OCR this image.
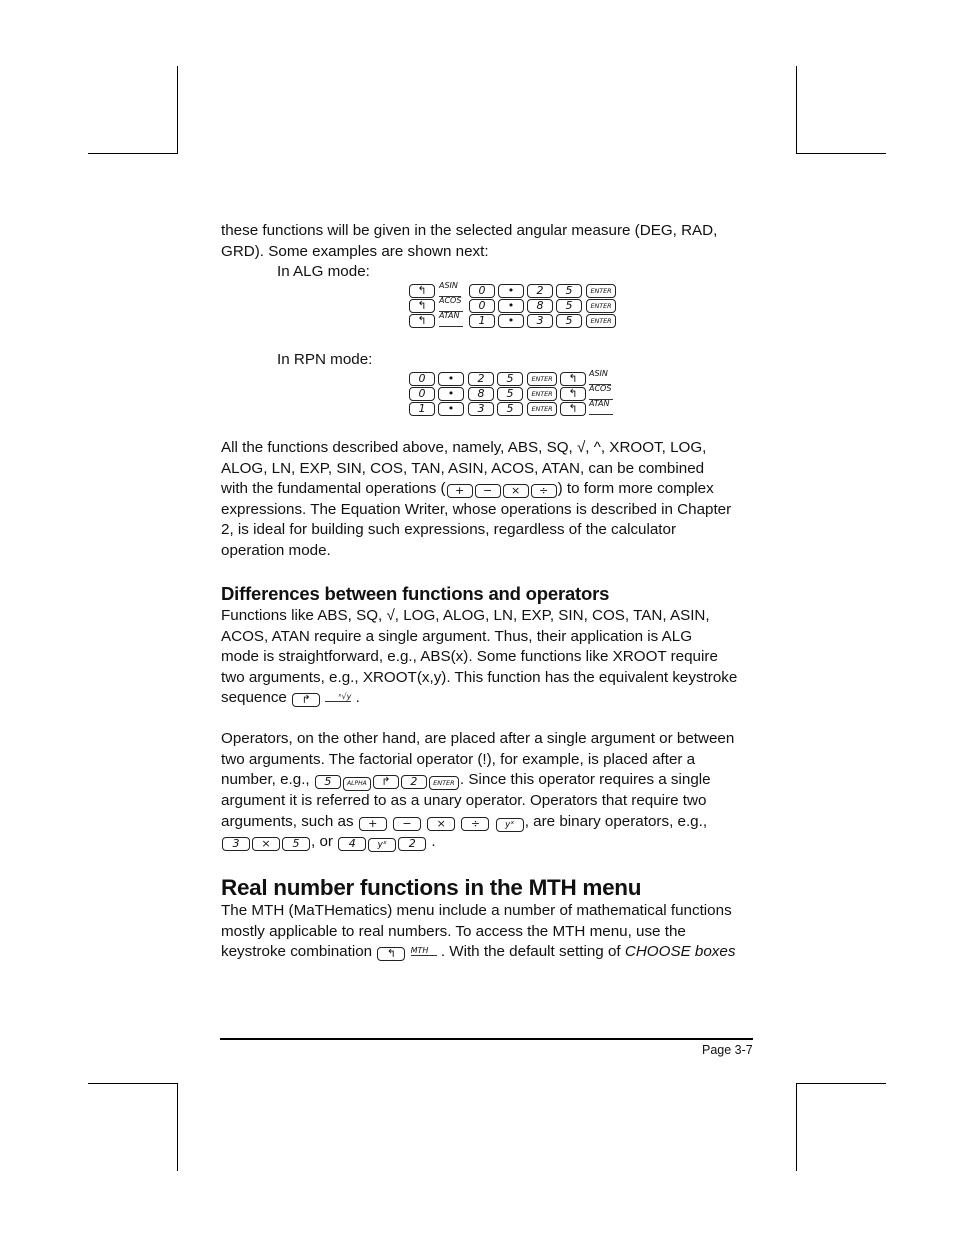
these functions will be given in the selected angular measure (DEG, RAD,
GRD). Some examples are shown next:
In ALG mode:
↰	ASIN	0	•	2	5	ENTER
↰	ACOS	0	•	8	5	ENTER
↰	ATAN	1	•	3	5	ENTER
In RPN mode:
0	•	2	5	ENTER	↰	ASIN
0	•	8	5	ENTER	↰	ACOS
1	•	3	5	ENTER	↰	ATAN
All the functions described above, namely, ABS, SQ, √, ^, XROOT, LOG,
ALOG, LN, EXP, SIN, COS, TAN, ASIN, ACOS, ATAN, can be combined
with the fundamental operations ( + − × ÷ ) to form more complex
expressions. The Equation Writer, whose operations is described in Chapter
2, is ideal for building such expressions, regardless of the calculator
operation mode.
Differences between functions and operators
Functions like ABS, SQ, √, LOG, ALOG, LN, EXP, SIN, COS, TAN, ASIN,
ACOS, ATAN require a single argument. Thus, their application is ALG
mode is straightforward, e.g., ABS(x). Some functions like XROOT require
two arguments, e.g., XROOT(x,y). This function has the equivalent keystroke
sequence ↱	ˣ√y .
Operators, on the other hand, are placed after a single argument or between
two arguments. The factorial operator (!), for example, is placed after a
number, e.g., 5	ALPHA ↱ 2 ENTER . Since this operator requires a single
argument it is referred to as a unary operator. Operators that require two
arguments, such as + − × ÷	yˣ , are binary operators, e.g.,
3 × 5 , or 4 yˣ 2 .
Real number functions in the MTH menu
The MTH (MaTHematics) menu include a number of mathematical functions
mostly applicable to real numbers. To access the MTH menu, use the
keystroke combination ↰ MTH . With the default setting of CHOOSE boxes
Page 3-7
